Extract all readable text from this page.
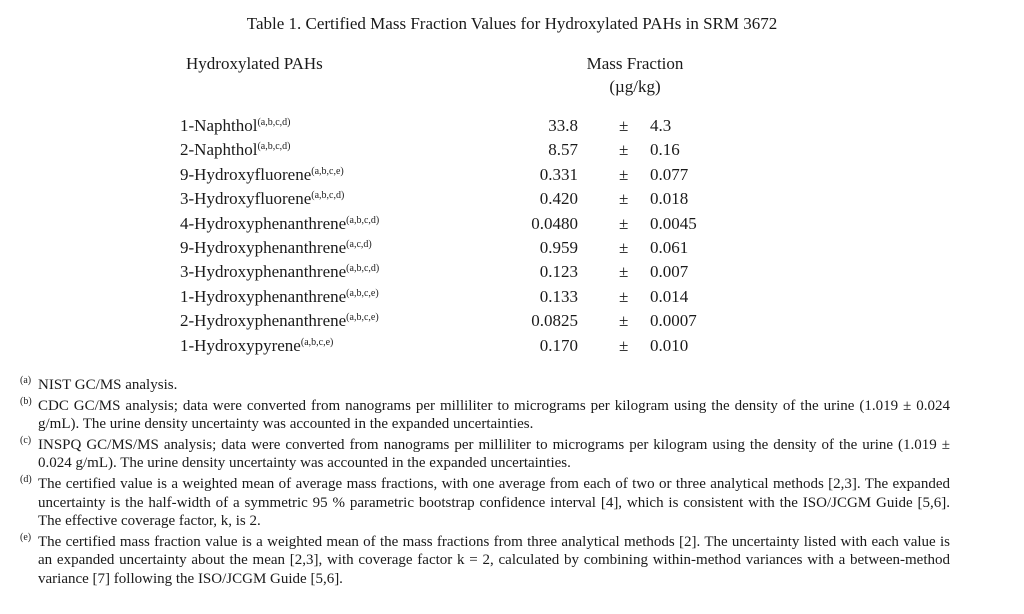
Table 1. Certified Mass Fraction Values for Hydroxylated PAHs in SRM 3672
Hydroxylated PAHs	Mass Fraction
(µg/kg)
1-Naphthol$^{(a,b,c,d)}$	33.8 ± 4.3
2-Naphthol$^{(a,b,c,d)}$	8.57 ± 0.16
9-Hydroxyfluorene$^{(a,b,c,e)}$	0.331 ± 0.077
3-Hydroxyfluorene$^{(a,b,c,d)}$	0.420 ± 0.018
4-Hydroxyphenanthrene$^{(a,b,c,d)}$	0.0480 ± 0.0045
9-Hydroxyphenanthrene$^{(a,c,d)}$	0.959 ± 0.061
3-Hydroxyphenanthrene$^{(a,b,c,d)}$	0.123 ± 0.007
1-Hydroxyphenanthrene$^{(a,b,c,e)}$	0.133 ± 0.014
2-Hydroxyphenanthrene$^{(a,b,c,e)}$	0.0825 ± 0.0007
1-Hydroxypyrene$^{(a,b,c,e)}$	0.170 ± 0.010
(a) NIST GC/MS analysis.
(b) CDC GC/MS analysis; data were converted from nanograms per milliliter to micrograms per kilogram using the density of the urine (1.019 ± 0.024 g/mL). The urine density uncertainty was accounted in the expanded uncertainties.
(c) INSPQ GC/MS/MS analysis; data were converted from nanograms per milliliter to micrograms per kilogram using the density of the urine (1.019 ± 0.024 g/mL). The urine density uncertainty was accounted in the expanded uncertainties.
(d) The certified value is a weighted mean of average mass fractions, with one average from each of two or three analytical methods [2,3]. The expanded uncertainty is the half-width of a symmetric 95 % parametric bootstrap confidence interval [4], which is consistent with the ISO/JCGM Guide [5,6]. The effective coverage factor, k, is 2.
(e) The certified mass fraction value is a weighted mean of the mass fractions from three analytical methods [2]. The uncertainty listed with each value is an expanded uncertainty about the mean [2,3], with coverage factor k = 2, calculated by combining within-method variances with a between-method variance [7] following the ISO/JCGM Guide [5,6].
